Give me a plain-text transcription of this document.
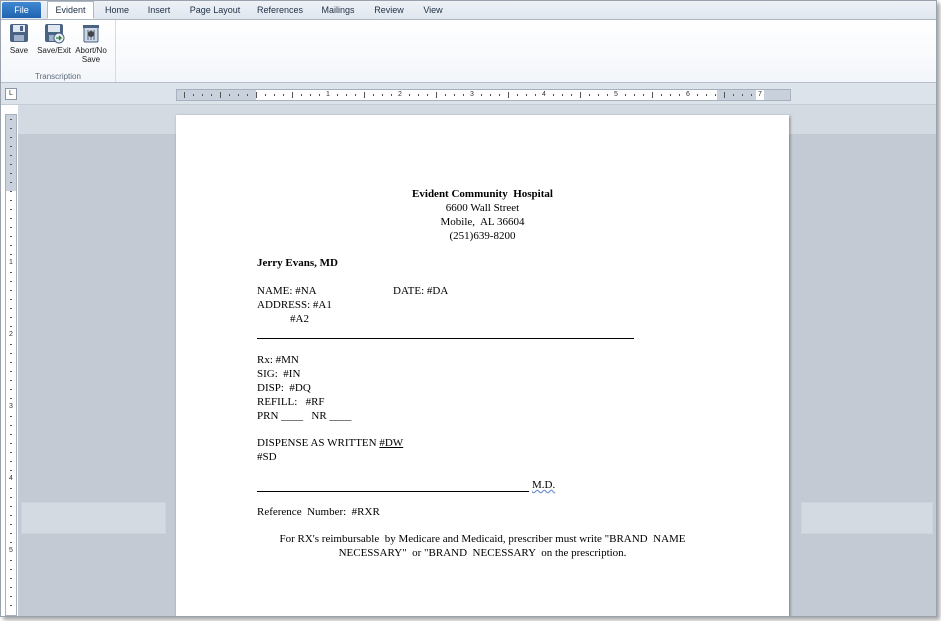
File	Evident	Home	Insert	Page Layout	References	Mailings	Review	View
Save	Save/Exit Abort/No Save
Transcription
L	1	2	3	4	5	6	7
1
2
3
4
5
Evident Community  Hospital
6600 Wall Street
Mobile,  AL 36604
(251)639-8200
Jerry Evans, MD
NAME: #NA	DATE: #DA
ADDRESS: #A1
#A2
Rx: #MN
SIG:  #IN
DISP:  #DQ
REFILL:   #RF
PRN ____   NR ____
DISPENSE AS WRITTEN #DW
#SD
M.D.
Reference  Number:  #RXR
For RX's reimbursable  by Medicare and Medicaid, prescriber must write "BRAND  NAME
NECESSARY"  or "BRAND  NECESSARY  on the prescription.
